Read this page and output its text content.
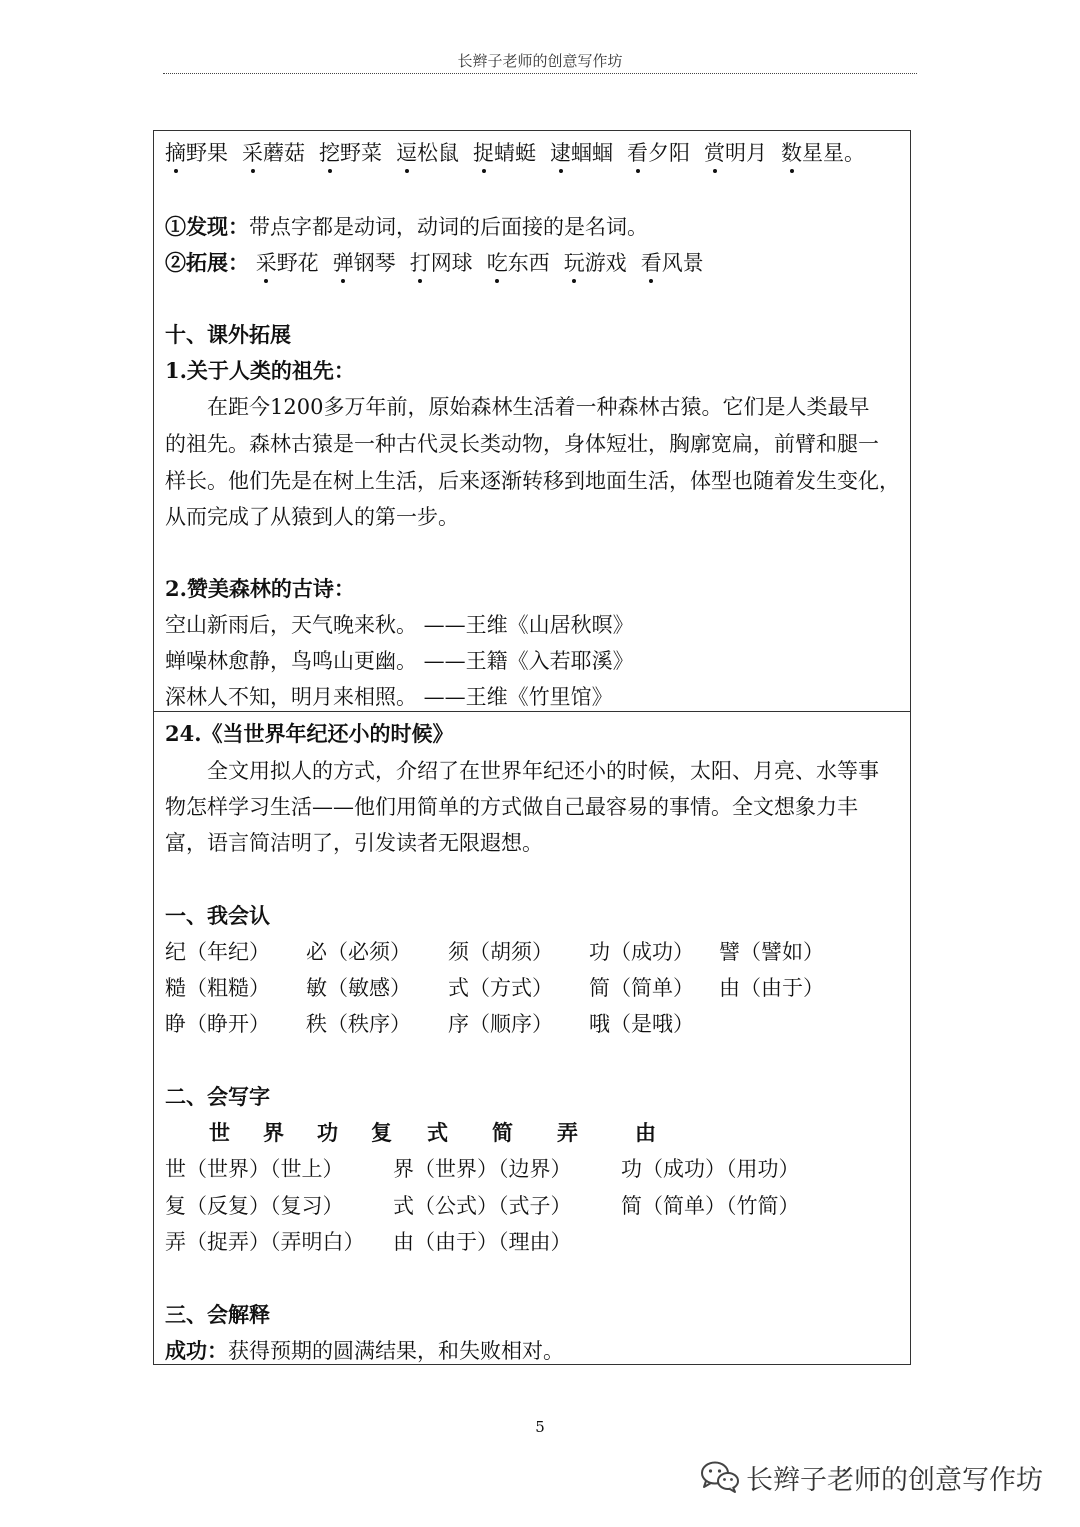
长辫子老师的创意写作坊
摘野果 采蘑菇 挖野菜 逗松鼠 捉蜻蜓 逮蝈蝈 看夕阳 赏明月 数星星。
①发现：带点字都是动词，动词的后面接的是名词。
②拓展： 采野花 弹钢琴 打网球 吃东西 玩游戏 看风景
十、课外拓展
1.关于人类的祖先：
在距今1200多万年前，原始森林生活着一种森林古猿。它们是人类最早
的祖先。森林古猿是一种古代灵长类动物，身体短壮，胸廓宽扁，前臂和腿一
样长。他们先是在树上生活，后来逐渐转移到地面生活，体型也随着发生变化，
从而完成了从猿到人的第一步。
2.赞美森林的古诗：
空山新雨后，天气晚来秋。 ——王维《山居秋暝》
蝉噪林愈静，鸟鸣山更幽。 ——王籍《入若耶溪》
深林人不知，明月来相照。 ——王维《竹里馆》
24.《当世界年纪还小的时候》
全文用拟人的方式，介绍了在世界年纪还小的时候，太阳、月亮、水等事
物怎样学习生活——他们用简单的方式做自己最容易的事情。全文想象力丰
富，语言简洁明了，引发读者无限遐想。
一、我会认
纪（年纪） 必（必须） 须（胡须） 功（成功） 譬（譬如）
糙（粗糙） 敏（敏感） 式（方式） 简（简单） 由（由于）
睁（睁开） 秩（秩序） 序（顺序） 哦（是哦）
二、会写字
世 界 功 复 式 简 弄	由
世（世界）（世上） 界（世界）（边界） 功（成功）（用功）
复（反复）（复习） 式（公式）（式子） 简（简单）（竹简）
弄（捉弄）（弄明白） 由（由于）（理由）
三、会解释
成功：获得预期的圆满结果，和失败相对。
5
长辫子老师的创意写作坊
